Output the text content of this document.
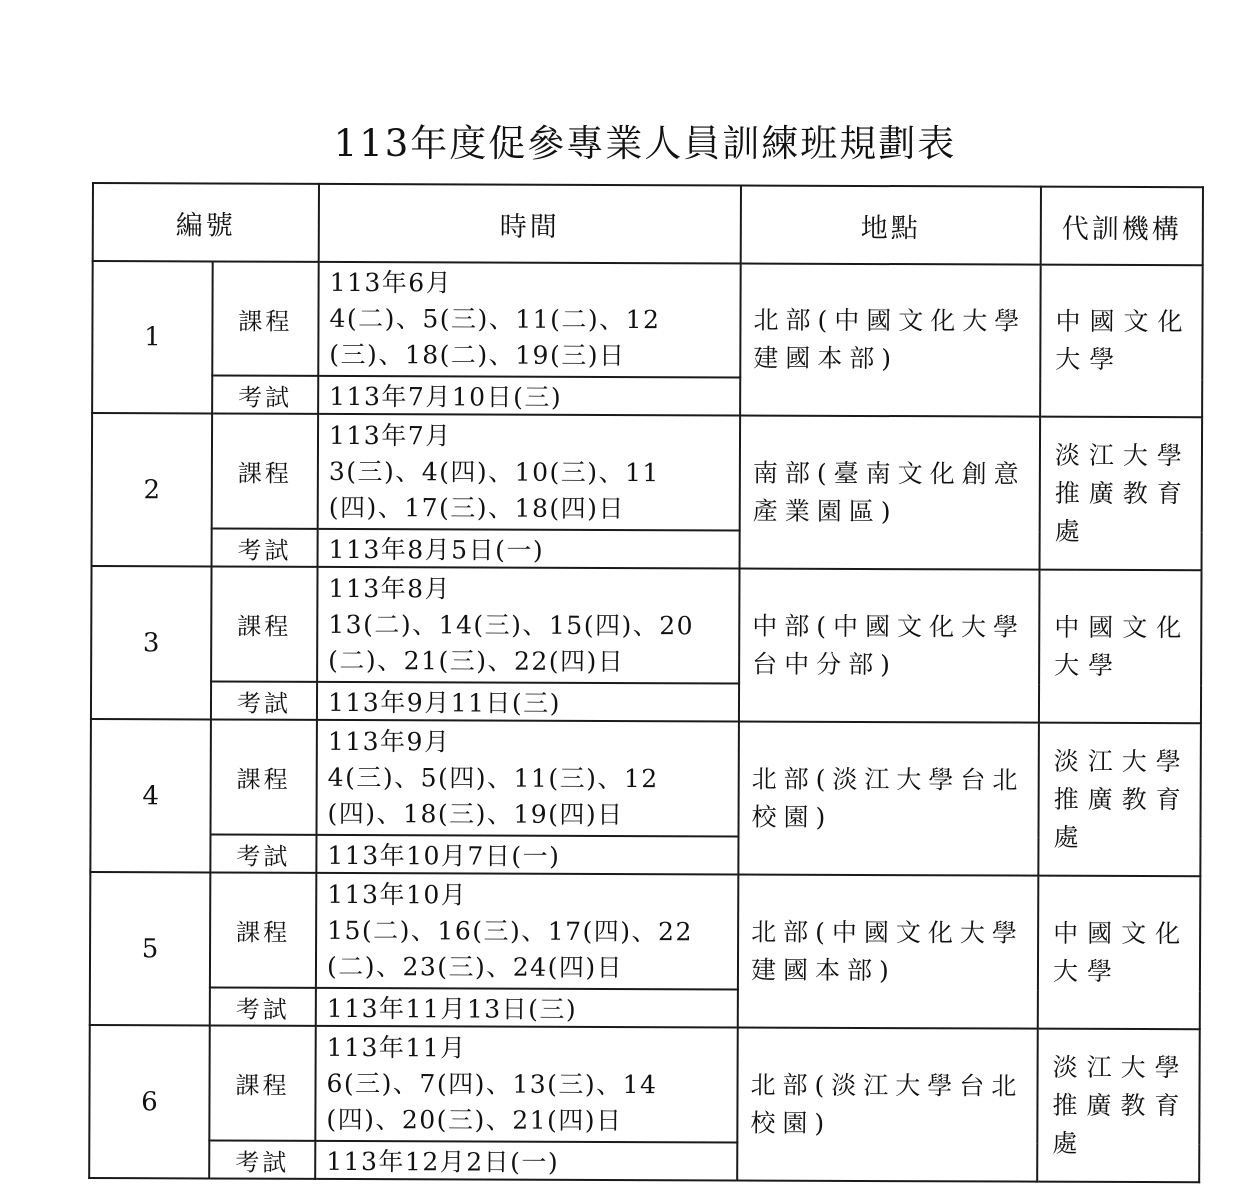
113年度促參專業人員訓練班規劃表
編號		時間	地點	代訓機構
1	課程	113年6月
4(二)、5(三)、11(二)、12
(三)、18(二)、19(三)日	北部(中國文化大學建國本部)	中國文化大學

	考試	113年7月10日(三)		
2	課程	113年7月
3(三)、4(四)、10(三)、11
(四)、17(三)、18(四)日	南部(臺南文化創意產業園區)	淡江大學推廣教育處

	考試	113年8月5日(一)		
3	課程	113年8月
13(二)、14(三)、15(四)、20
(二)、21(三)、22(四)日	中部(中國文化大學台中分部)	中國文化大學

	考試	113年9月11日(三)		
4	課程	113年9月
4(三)、5(四)、11(三)、12
(四)、18(三)、19(四)日	北部(淡江大學台北校園)	淡江大學推廣教育處

	考試	113年10月7日(一)		
5	課程	113年10月
15(二)、16(三)、17(四)、22
(二)、23(三)、24(四)日	北部(中國文化大學建國本部)	中國文化大學

	考試	113年11月13日(三)		
6	課程	113年11月
6(三)、7(四)、13(三)、14
(四)、20(三)、21(四)日	北部(淡江大學台北校園)	淡江大學推廣教育處

	考試	113年12月2日(一)		
